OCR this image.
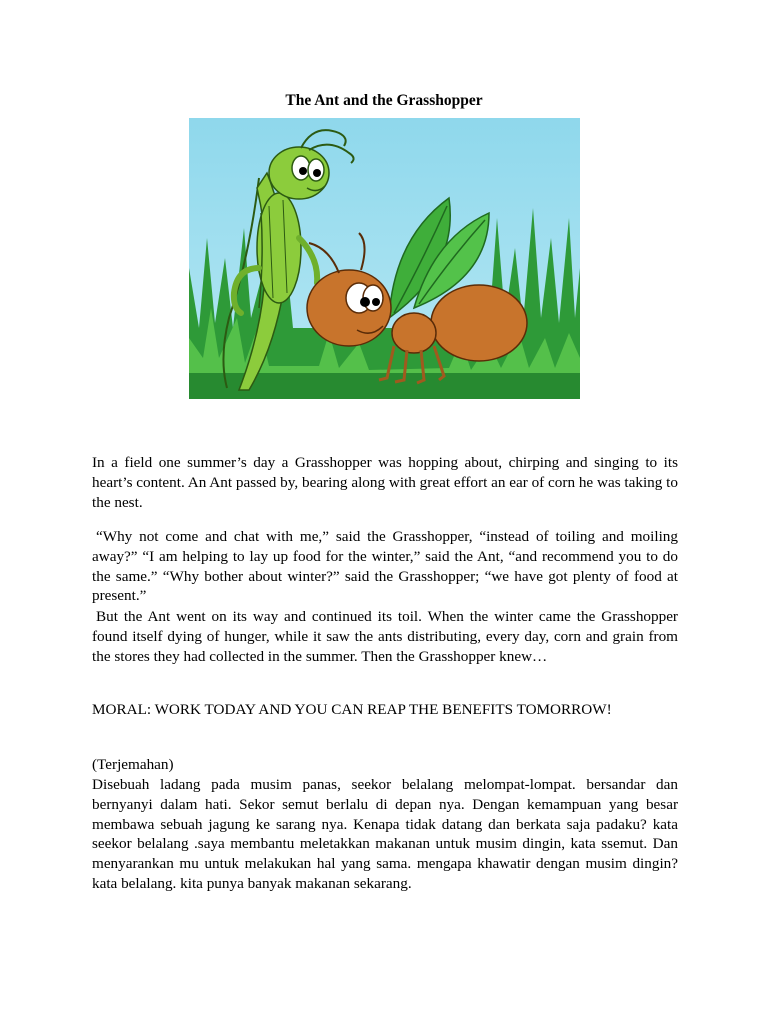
The Ant and the Grasshopper

In a field one summer’s day a Grasshopper was hopping about, chirping and singing to its heart’s content. An Ant passed by, bearing along with great effort an ear of corn he was taking to the nest.

“Why not come and chat with me,” said the Grasshopper, “instead of toiling and moiling away?” “I am helping to lay up food for the winter,” said the Ant, “and recommend you to do the same.” “Why bother about winter?” said the Grasshopper; “we have got plenty of food at present.”

But the Ant went on its way and continued its toil. When the winter came the Grasshopper found itself dying of hunger, while it saw the ants distributing, every day, corn and grain from the stores they had collected in the summer. Then the Grasshopper knew…

MORAL: WORK TODAY AND YOU CAN REAP THE BENEFITS TOMORROW!

(Terjemahan)

Disebuah ladang pada musim panas, seekor belalang melompat-lompat. bersandar dan bernyanyi dalam hati. Sekor semut berlalu di depan nya. Dengan kemampuan yang besar membawa sebuah jagung ke sarang nya. Kenapa tidak datang dan berkata saja padaku? kata seekor belalang .saya membantu meletakkan makanan untuk musim dingin, kata ssemut. Dan menyarankan mu untuk melakukan hal yang sama. mengapa khawatir dengan musim dingin? kata belalang. kita punya banyak makanan sekarang.
